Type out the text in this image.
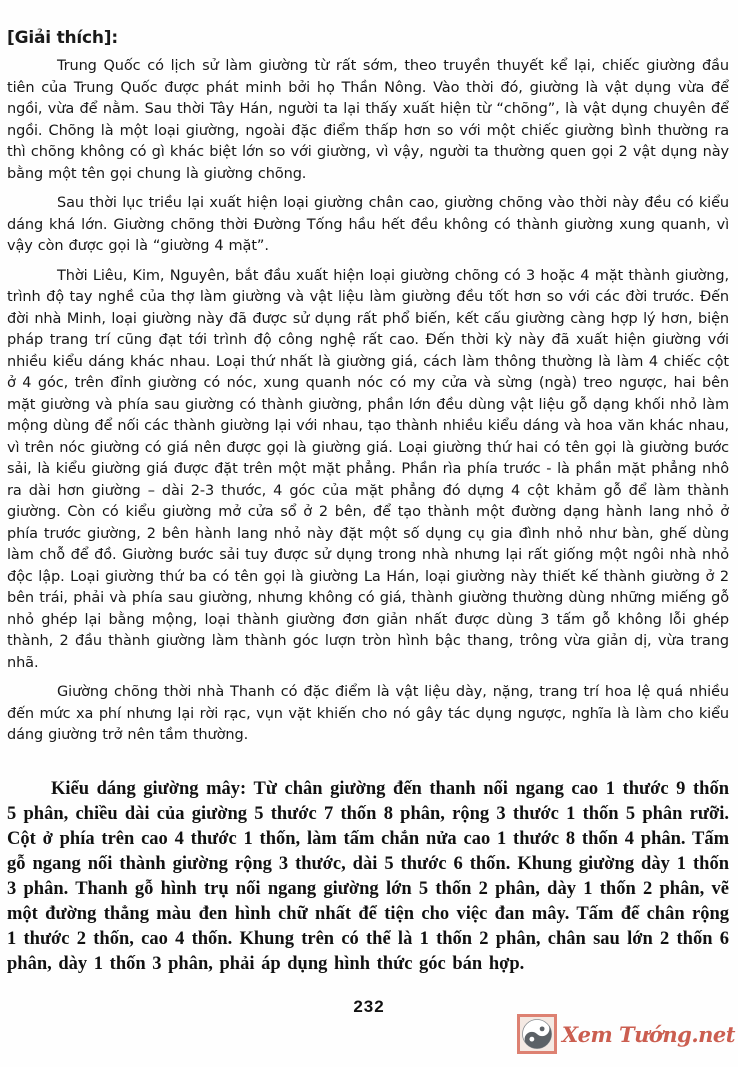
[Giải thích]:

Trung Quốc có lịch sử làm giường từ rất sớm, theo truyền thuyết kể lại, chiếc giường đầu tiên của Trung Quốc được phát minh bởi họ Thần Nông. Vào thời đó, giường là vật dụng vừa để ngồi, vừa để nằm. Sau thời Tây Hán, người ta lại thấy xuất hiện từ “chõng”, là vật dụng chuyên để ngồi. Chõng là một loại giường, ngoài đặc điểm thấp hơn so với một chiếc giường bình thường ra thì chõng không có gì khác biệt lớn so với giường, vì vậy, người ta thường quen gọi 2 vật dụng này bằng một tên gọi chung là giường chõng.

Sau thời lục triều lại xuất hiện loại giường chân cao, giường chõng vào thời này đều có kiểu dáng khá lớn. Giường chõng thời Đường Tống hầu hết đều không có thành giường xung quanh, vì vậy còn được gọi là “giường 4 mặt”.

Thời Liêu, Kim, Nguyên, bắt đầu xuất hiện loại giường chõng có 3 hoặc 4 mặt thành giường, trình độ tay nghề của thợ làm giường và vật liệu làm giường đều tốt hơn so với các đời trước. Đến đời nhà Minh, loại giường này đã được sử dụng rất phổ biến, kết cấu giường càng hợp lý hơn, biện pháp trang trí cũng đạt tới trình độ công nghệ rất cao. Đến thời kỳ này đã xuất hiện giường với nhiều kiểu dáng khác nhau. Loại thứ nhất là giường giá, cách làm thông thường là làm 4 chiếc cột ở 4 góc, trên đỉnh giường có nóc, xung quanh nóc có my cửa và sừng (ngà) treo ngược, hai bên mặt giường và phía sau giường có thành giường, phần lớn đều dùng vật liệu gỗ dạng khối nhỏ làm mộng dùng để nối các thành giường lại với nhau, tạo thành nhiều kiểu dáng và hoa văn khác nhau, vì trên nóc giường có giá nên được gọi là giường giá. Loại giường thứ hai có tên gọi là giường bước sải, là kiểu giường giá được đặt trên một mặt phẳng. Phần rìa phía trước - là phần mặt phẳng nhô ra dài hơn giường – dài 2-3 thước, 4 góc của mặt phẳng đó dựng 4 cột khảm gỗ để làm thành giường. Còn có kiểu giường mở cửa sổ ở 2 bên, để tạo thành một đường dạng hành lang nhỏ ở phía trước giường, 2 bên hành lang nhỏ này đặt một số dụng cụ gia đình nhỏ như bàn, ghế dùng làm chỗ để đồ. Giường bước sải tuy được sử dụng trong nhà nhưng lại rất giống một ngôi nhà nhỏ độc lập. Loại giường thứ ba có tên gọi là giường La Hán, loại giường này thiết kế thành giường ở 2 bên trái, phải và phía sau giường, nhưng không có giá, thành giường thường dùng những miếng gỗ nhỏ ghép lại bằng mộng, loại thành giường đơn giản nhất được dùng 3 tấm gỗ không lỗi ghép thành, 2 đầu thành giường làm thành góc lượn tròn hình bậc thang, trông vừa giản dị, vừa trang nhã.

Giường chõng thời nhà Thanh có đặc điểm là vật liệu dày, nặng, trang trí hoa lệ quá nhiều đến mức xa phí nhưng lại rời rạc, vụn vặt khiến cho nó gây tác dụng ngược, nghĩa là làm cho kiểu dáng giường trở nên tầm thường.

Kiểu dáng giường mây: Từ chân giường đến thanh nối ngang cao 1 thước 9 thốn 5 phân, chiều dài của giường 5 thước 7 thốn 8 phân, rộng 3 thước 1 thốn 5 phân rưỡi. Cột ở phía trên cao 4 thước 1 thốn, làm tấm chắn nửa cao 1 thước 8 thốn 4 phân. Tấm gỗ ngang nối thành giường rộng 3 thước, dài 5 thước 6 thốn. Khung giường dày 1 thốn 3 phân. Thanh gỗ hình trụ nối ngang giường lớn 5 thốn 2 phân, dày 1 thốn 2 phân, vẽ một đường thẳng màu đen hình chữ nhất để tiện cho việc đan mây. Tấm để chân rộng 1 thước 2 thốn, cao 4 thốn. Khung trên có thể là 1 thốn 2 phân, chân sau lớn 2 thốn 6 phân, dày 1 thốn 3 phân, phải áp dụng hình thức góc bán hợp.

232
Xem Tướng.net
